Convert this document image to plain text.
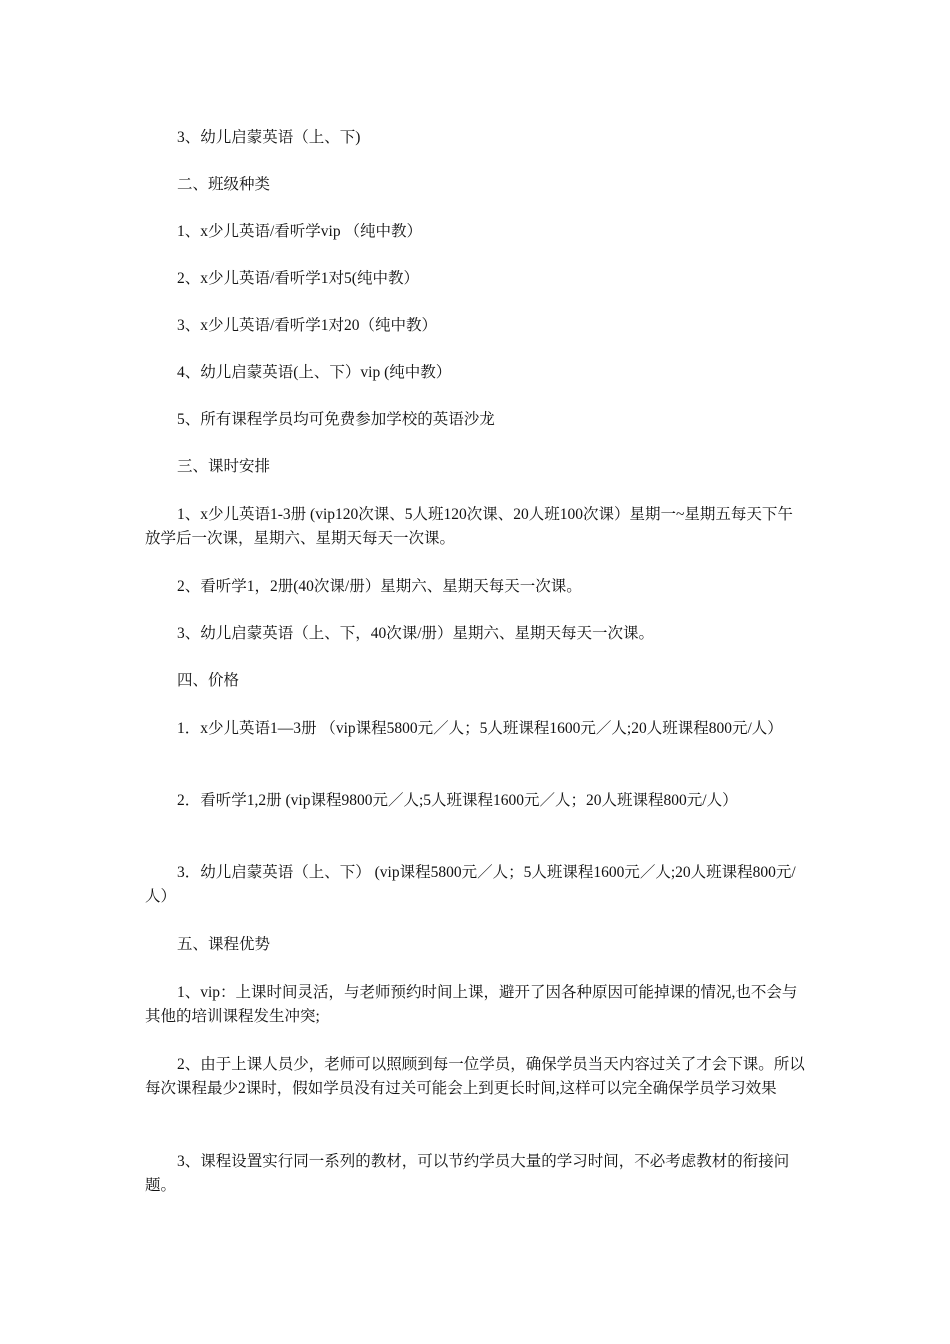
3、幼儿启蒙英语（上、下)

二、班级种类

1、x少儿英语/看听学vip （纯中教）

2、x少儿英语/看听学1对5(纯中教）

3、x少儿英语/看听学1对20（纯中教）

4、幼儿启蒙英语(上、下）vip (纯中教）

5、所有课程学员均可免费参加学校的英语沙龙

三、课时安排

1、x少儿英语1-3册 (vip120次课、5人班120次课、20人班100次课）星期一~星期五每天下午放学后一次课，星期六、星期天每天一次课。

2、看听学1，2册(40次课/册）星期六、星期天每天一次课。

3、幼儿启蒙英语（上、下，40次课/册）星期六、星期天每天一次课。

四、价格

1．x少儿英语1—3册 （vip课程5800元／人；5人班课程1600元／人;20人班课程800元/人）

2．看听学1,2册 (vip课程9800元／人;5人班课程1600元／人；20人班课程800元/人）

3．幼儿启蒙英语（上、下） (vip课程5800元／人；5人班课程1600元／人;20人班课程800元/人）

五、课程优势

1、vip：上课时间灵活，与老师预约时间上课，避开了因各种原因可能掉课的情况,也不会与其他的培训课程发生冲突;

2、由于上课人员少，老师可以照顾到每一位学员，确保学员当天内容过关了才会下课。所以每次课程最少2课时，假如学员没有过关可能会上到更长时间,这样可以完全确保学员学习效果

3、课程设置实行同一系列的教材，可以节约学员大量的学习时间，不必考虑教材的衔接问题。
